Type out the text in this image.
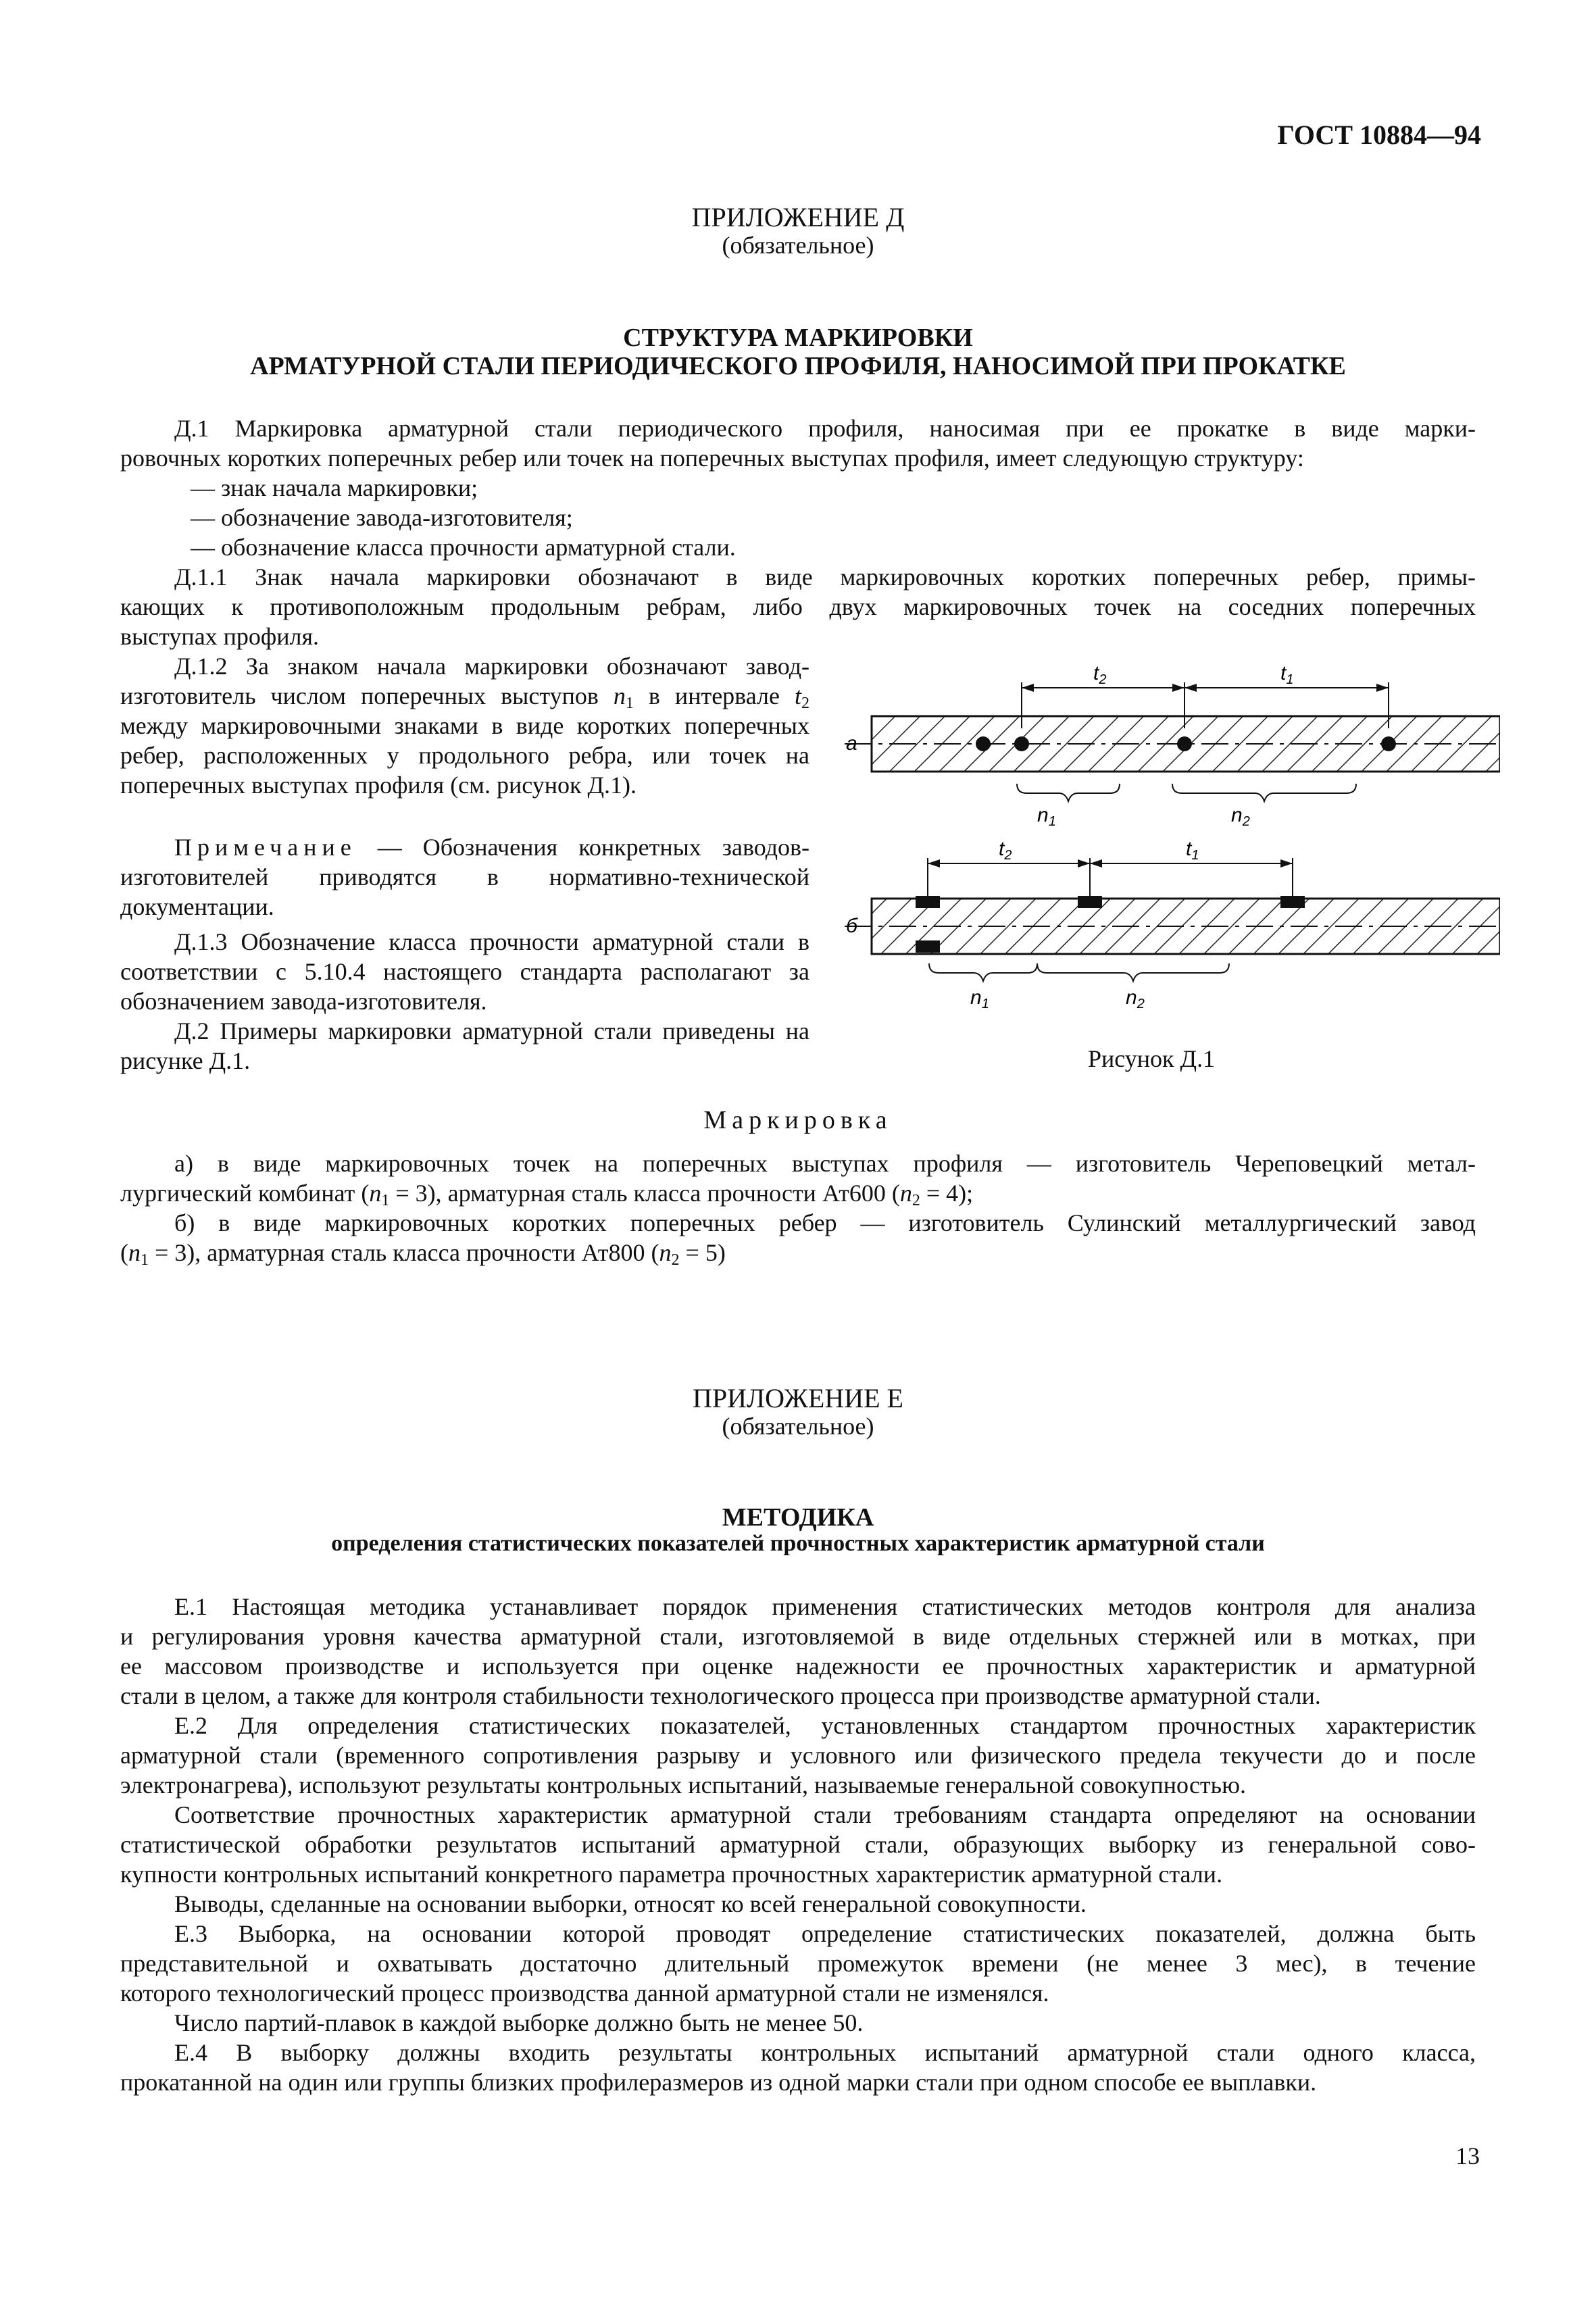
ГОСТ 10884—94
ПРИЛОЖЕНИЕ Д
(обязательное)
СТРУКТУРА МАРКИРОВКИ
АРМАТУРНОЙ СТАЛИ ПЕРИОДИЧЕСКОГО ПРОФИЛЯ, НАНОСИМОЙ ПРИ ПРОКАТКЕ
Д.1 Маркировка арматурной стали периодического профиля, наносимая при ее прокатке в виде марки-
ровочных коротких поперечных ребер или точек на поперечных выступах профиля, имеет следующую структуру:
— знак начала маркировки;
— обозначение завода-изготовителя;
— обозначение класса прочности арматурной стали.
Д.1.1 Знак начала маркировки обозначают в виде маркировочных коротких поперечных ребер, примы-
кающих к противоположным продольным ребрам, либо двух маркировочных точек на соседних поперечных
выступах профиля.
Д.1.2 За знаком начала маркировки обозначают завод-изготовитель числом поперечных выступов $n_1$ в интервале $t_2$ между маркировочными знаками в виде коротких поперечных ребер, расположенных у продольного ребра, или точек на поперечных выступах профиля (см. рисунок Д.1).
Примечание — Обозначения конкретных заводов-изготовителей приводятся в нормативно-технической документации.
Д.1.3 Обозначение класса прочности арматурной стали в соответствии с 5.10.4 настоящего стандарта располагают за обозначением завода-изготовителя.
Д.2 Примеры маркировки арматурной стали приведены на рисунке Д.1.
a
$t_2$	$t_1$
$n_1$	$n_2$
б
$t_2$	$t_1$
$n_1$	$n_2$
Рисунок Д.1
Маркировка
а) в виде маркировочных точек на поперечных выступах профиля — изготовитель Череповецкий метал-
лургический комбинат $(n_1 = 3)$, арматурная сталь класса прочности Ат600 $(n_2 = 4)$;
б) в виде маркировочных коротких поперечных ребер — изготовитель Сулинский металлургический завод
$(n_1 = 3)$, арматурная сталь класса прочности Ат800 $(n_2 = 5)$
ПРИЛОЖЕНИЕ Е
(обязательное)
МЕТОДИКА
определения статистических показателей прочностных характеристик арматурной стали
Е.1 Настоящая методика устанавливает порядок применения статистических методов контроля для анализа
и регулирования уровня качества арматурной стали, изготовляемой в виде отдельных стержней или в мотках, при
ее массовом производстве и используется при оценке надежности ее прочностных характеристик и арматурной
стали в целом, а также для контроля стабильности технологического процесса при производстве арматурной стали.
Е.2 Для определения статистических показателей, установленных стандартом прочностных характеристик
арматурной стали (временного сопротивления разрыву и условного или физического предела текучести до и после
электронагрева), используют результаты контрольных испытаний, называемые генеральной совокупностью.
Соответствие прочностных характеристик арматурной стали требованиям стандарта определяют на основании
статистической обработки результатов испытаний арматурной стали, образующих выборку из генеральной сово-
купности контрольных испытаний конкретного параметра прочностных характеристик арматурной стали.
Выводы, сделанные на основании выборки, относят ко всей генеральной совокупности.
Е.3 Выборка, на основании которой проводят определение статистических показателей, должна быть
представительной и охватывать достаточно длительный промежуток времени (не менее 3 мес), в течение
которого технологический процесс производства данной арматурной стали не изменялся.
Число партий-плавок в каждой выборке должно быть не менее 50.
Е.4 В выборку должны входить результаты контрольных испытаний арматурной стали одного класса,
прокатанной на один или группы близких профилеразмеров из одной марки стали при одном способе ее выплавки.
13
